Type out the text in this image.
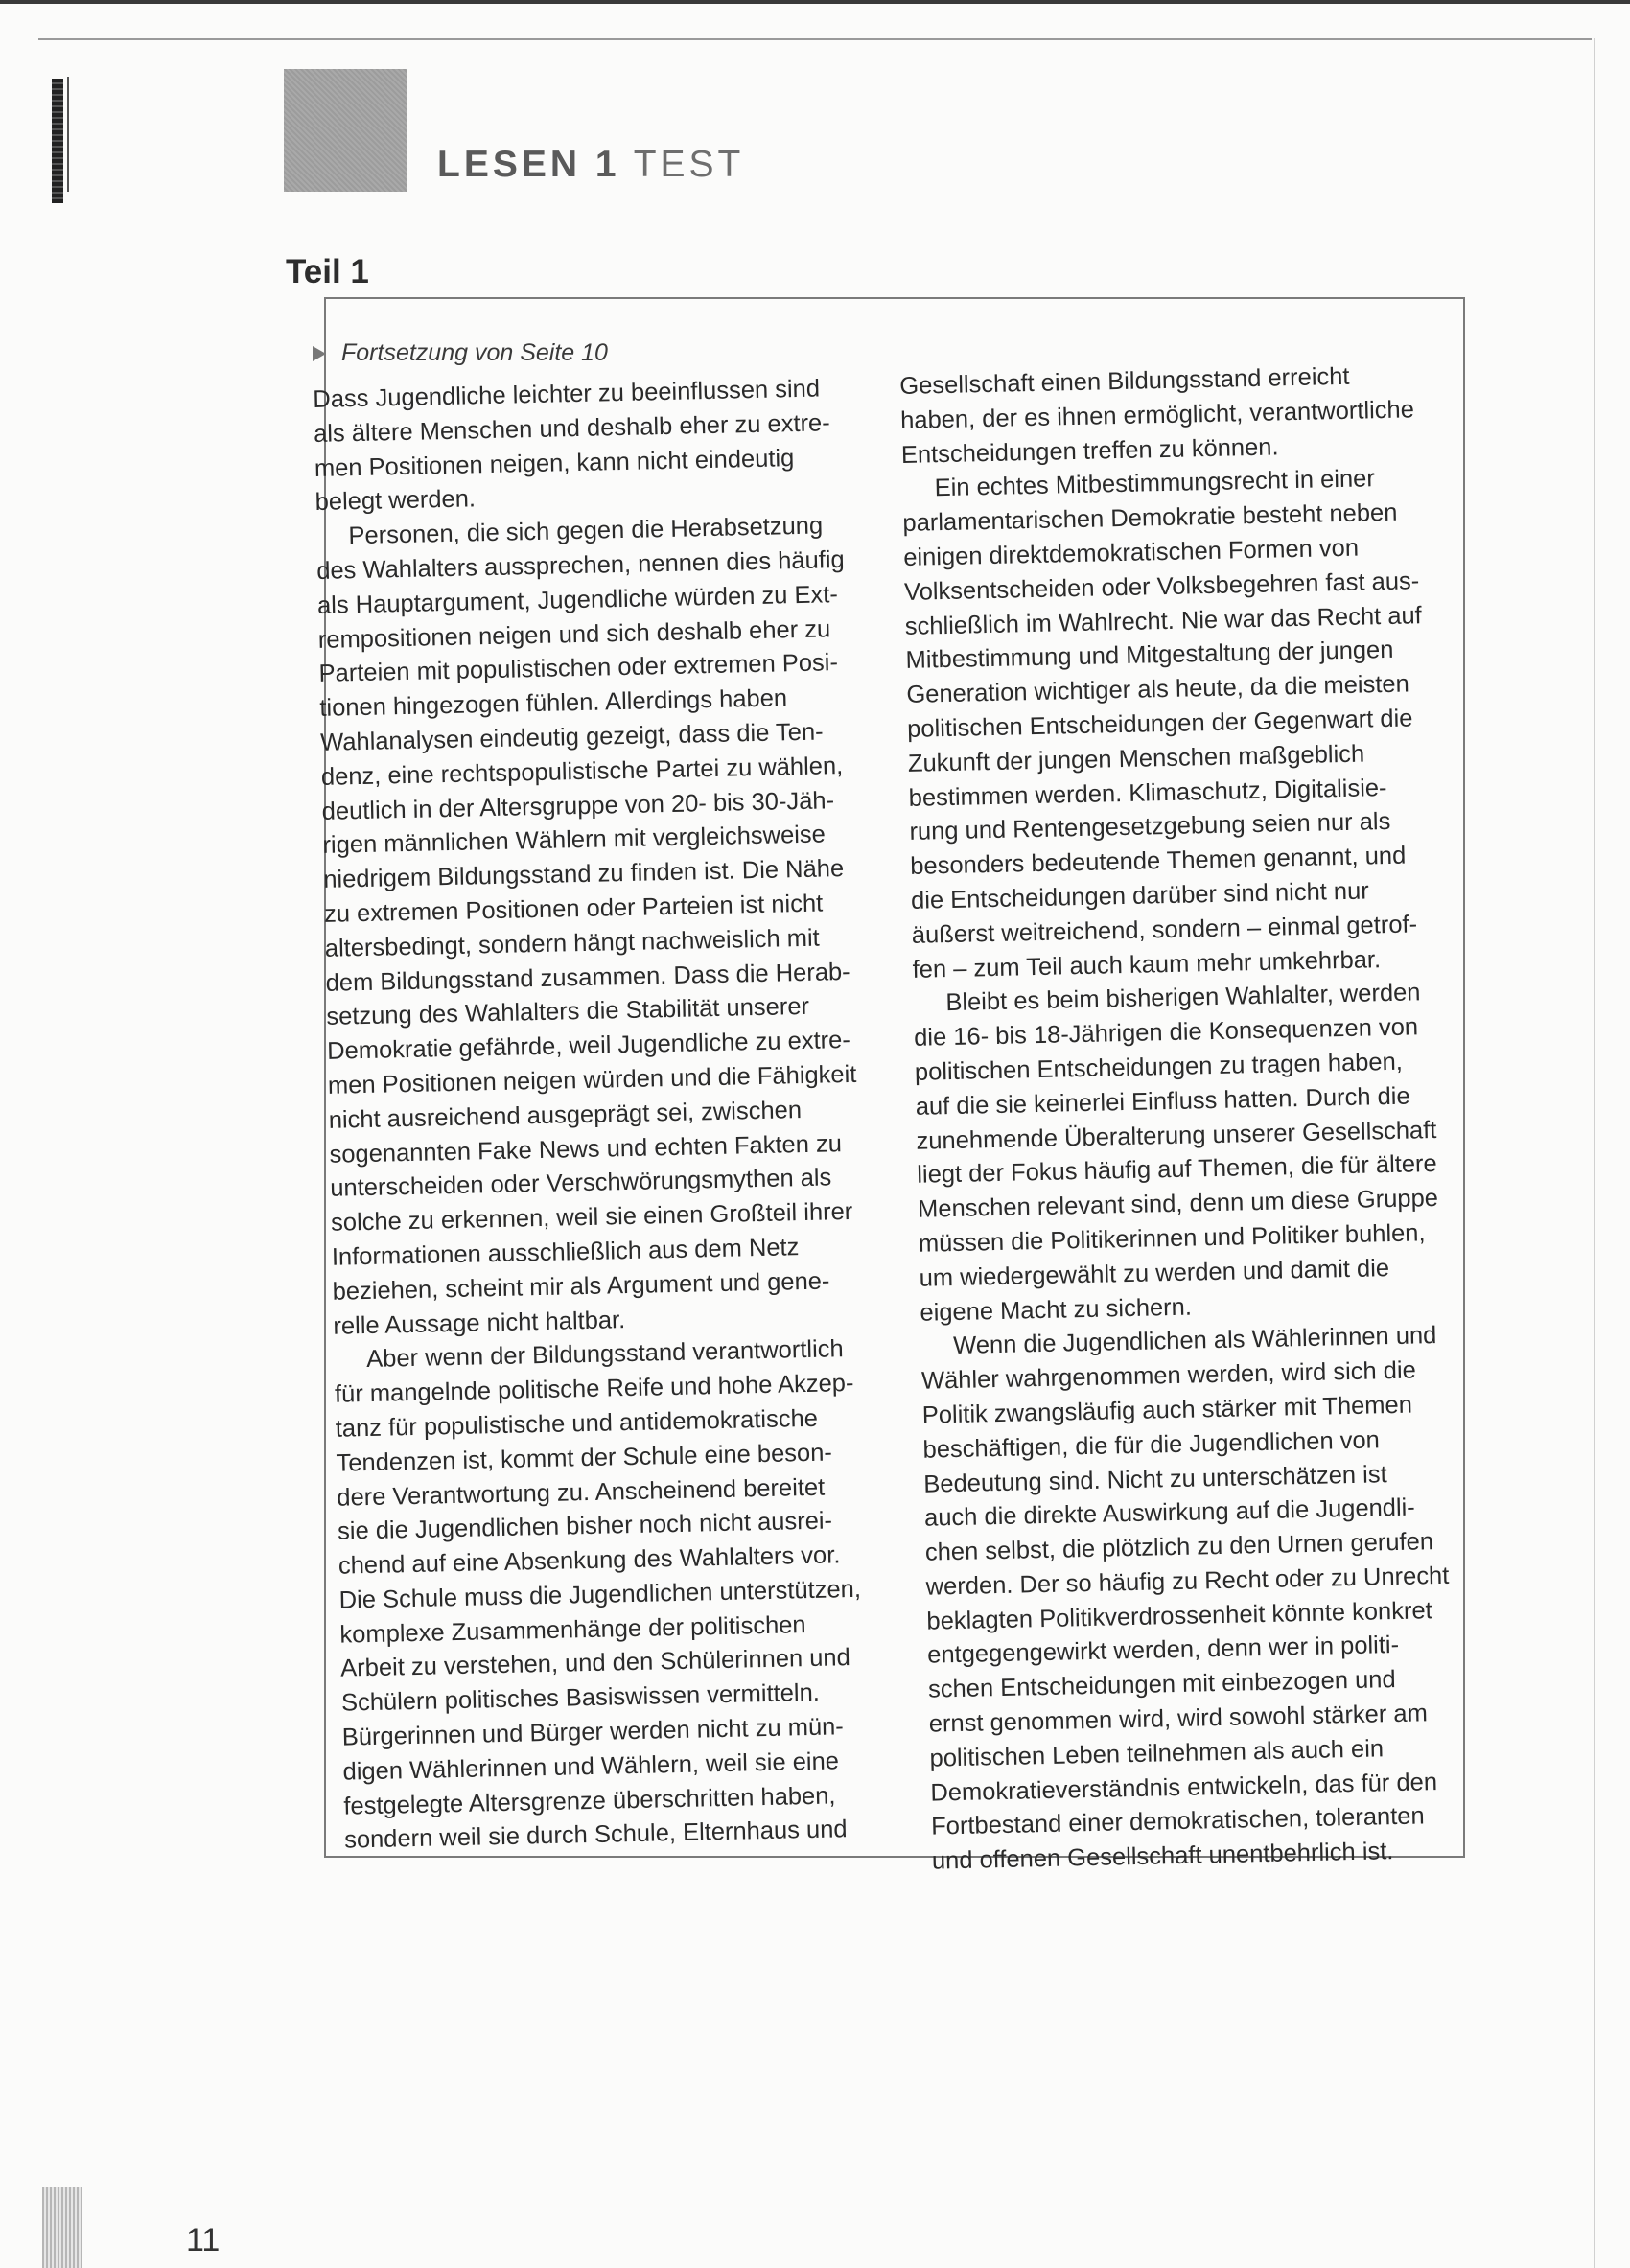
LESEN 1 TEST
Teil 1
Fortsetzung von Seite 10
Dass Jugendliche leichter zu beeinflussen sind
als ältere Menschen und deshalb eher zu extre-
men Positionen neigen, kann nicht eindeutig
belegt werden.
Personen, die sich gegen die Herabsetzung
des Wahlalters aussprechen, nennen dies häufig
als Hauptargument, Jugendliche würden zu Ext-
rempositionen neigen und sich deshalb eher zu
Parteien mit populistischen oder extremen Posi-
tionen hingezogen fühlen. Allerdings haben
Wahlanalysen eindeutig gezeigt, dass die Ten-
denz, eine rechtspopulistische Partei zu wählen,
deutlich in der Altersgruppe von 20- bis 30-Jäh-
rigen männlichen Wählern mit vergleichsweise
niedrigem Bildungsstand zu finden ist. Die Nähe
zu extremen Positionen oder Parteien ist nicht
altersbedingt, sondern hängt nachweislich mit
dem Bildungsstand zusammen. Dass die Herab-
setzung des Wahlalters die Stabilität unserer
Demokratie gefährde, weil Jugendliche zu extre-
men Positionen neigen würden und die Fähigkeit
nicht ausreichend ausgeprägt sei, zwischen
sogenannten Fake News und echten Fakten zu
unterscheiden oder Verschwörungsmythen als
solche zu erkennen, weil sie einen Großteil ihrer
Informationen ausschließlich aus dem Netz
beziehen, scheint mir als Argument und gene-
relle Aussage nicht haltbar.
Aber wenn der Bildungsstand verantwortlich
für mangelnde politische Reife und hohe Akzep-
tanz für populistische und antidemokratische
Tendenzen ist, kommt der Schule eine beson-
dere Verantwortung zu. Anscheinend bereitet
sie die Jugendlichen bisher noch nicht ausrei-
chend auf eine Absenkung des Wahlalters vor.
Die Schule muss die Jugendlichen unterstützen,
komplexe Zusammenhänge der politischen
Arbeit zu verstehen, und den Schülerinnen und
Schülern politisches Basiswissen vermitteln.
Bürgerinnen und Bürger werden nicht zu mün-
digen Wählerinnen und Wählern, weil sie eine
festgelegte Altersgrenze überschritten haben,
sondern weil sie durch Schule, Elternhaus und
Gesellschaft einen Bildungsstand erreicht
haben, der es ihnen ermöglicht, verantwortliche
Entscheidungen treffen zu können.
Ein echtes Mitbestimmungsrecht in einer
parlamentarischen Demokratie besteht neben
einigen direktdemokratischen Formen von
Volksentscheiden oder Volksbegehren fast aus-
schließlich im Wahlrecht. Nie war das Recht auf
Mitbestimmung und Mitgestaltung der jungen
Generation wichtiger als heute, da die meisten
politischen Entscheidungen der Gegenwart die
Zukunft der jungen Menschen maßgeblich
bestimmen werden. Klimaschutz, Digitalisie-
rung und Rentengesetzgebung seien nur als
besonders bedeutende Themen genannt, und
die Entscheidungen darüber sind nicht nur
äußerst weitreichend, sondern – einmal getrof-
fen – zum Teil auch kaum mehr umkehrbar.
Bleibt es beim bisherigen Wahlalter, werden
die 16- bis 18-Jährigen die Konsequenzen von
politischen Entscheidungen zu tragen haben,
auf die sie keinerlei Einfluss hatten. Durch die
zunehmende Überalterung unserer Gesellschaft
liegt der Fokus häufig auf Themen, die für ältere
Menschen relevant sind, denn um diese Gruppe
müssen die Politikerinnen und Politiker buhlen,
um wiedergewählt zu werden und damit die
eigene Macht zu sichern.
Wenn die Jugendlichen als Wählerinnen und
Wähler wahrgenommen werden, wird sich die
Politik zwangsläufig auch stärker mit Themen
beschäftigen, die für die Jugendlichen von
Bedeutung sind. Nicht zu unterschätzen ist
auch die direkte Auswirkung auf die Jugendli-
chen selbst, die plötzlich zu den Urnen gerufen
werden. Der so häufig zu Recht oder zu Unrecht
beklagten Politikverdrossenheit könnte konkret
entgegengewirkt werden, denn wer in politi-
schen Entscheidungen mit einbezogen und
ernst genommen wird, wird sowohl stärker am
politischen Leben teilnehmen als auch ein
Demokratieverständnis entwickeln, das für den
Fortbestand einer demokratischen, toleranten
und offenen Gesellschaft unentbehrlich ist.
11
